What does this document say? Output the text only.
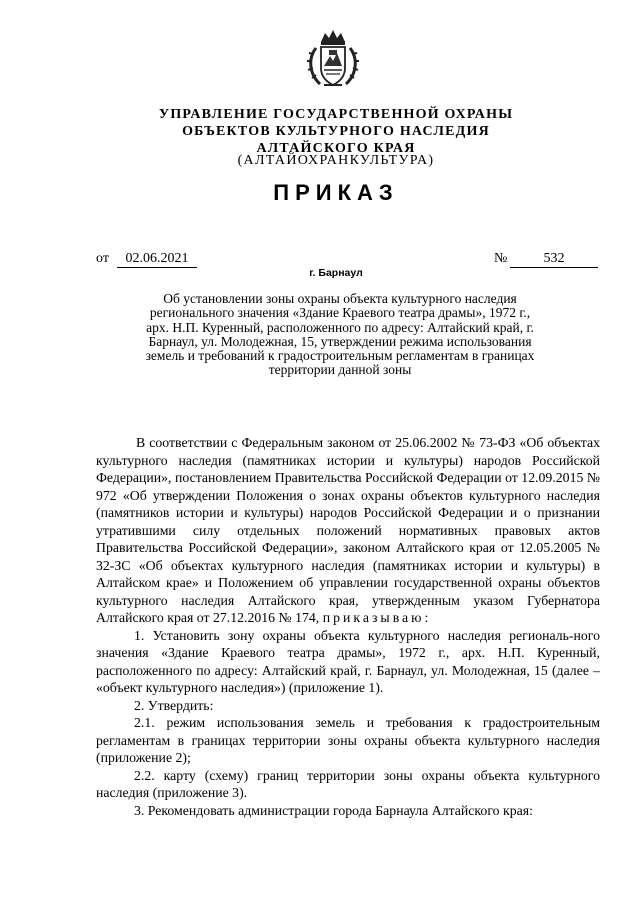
УПРАВЛЕНИЕ ГОСУДАРСТВЕННОЙ ОХРАНЫ
ОБЪЕКТОВ КУЛЬТУРНОГО НАСЛЕДИЯ
АЛТАЙСКОГО КРАЯ
(АЛТАЙОХРАНКУЛЬТУРА)
ПРИКАЗ
от	02.06.2021	№	532
г. Барнаул
Об установлении зоны охраны объекта культурного наследия регионального значения «Здание Краевого театра драмы», 1972 г., арх. Н.П. Куренный, расположенного по адресу: Алтайский край, г. Барнаул, ул. Молодежная, 15, утверждении режима использования земель и требований к градостроительным регламентам в границах территории данной зоны

В соответствии с Федеральным законом от 25.06.2002 № 73-ФЗ «Об объектах культурного наследия (памятниках истории и культуры) народов Российской Федерации», постановлением Правительства Российской Федерации от 12.09.2015 № 972 «Об утверждении Положения о зонах охраны объектов культурного наследия (памятников истории и культуры) народов Российской Федерации и о признании утратившими силу отдельных положений нормативных правовых актов Правительства Российской Федерации», законом Алтайского края от 12.05.2005 № 32-ЗС «Об объектах культурного наследия (памятниках истории и культуры) в Алтайском крае» и Положением об управлении государственной охраны объектов культурного наследия Алтайского края, утвержденным указом Губернатора Алтайского края от 27.12.2016 № 174, приказываю:

1. Установить зону охраны объекта культурного наследия региональ-ного значения «Здание Краевого театра драмы», 1972 г., арх. Н.П. Куренный, расположенного по адресу: Алтайский край, г. Барнаул, ул. Молодежная, 15 (далее – «объект культурного наследия») (приложение 1).

2. Утвердить:

2.1. режим использования земель и требования к градостроительным регламентам в границах территории зоны охраны объекта культурного наследия (приложение 2);

2.2. карту (схему) границ территории зоны охраны объекта культурного наследия (приложение 3).

3. Рекомендовать администрации города Барнаула Алтайского края:
